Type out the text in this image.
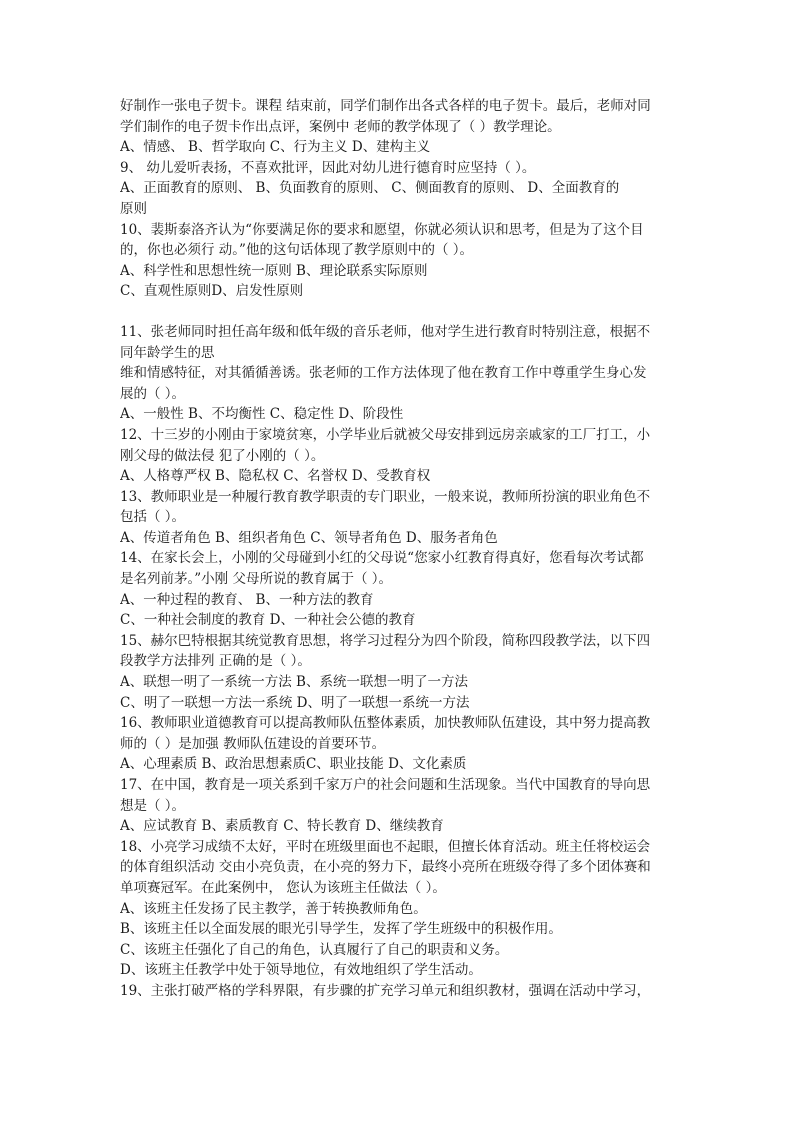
好制作一张电子贺卡。课程 结束前，同学们制作出各式各样的电子贺卡。最后，老师对同
学们制作的电子贺卡作出点评，案例中 老师的教学体现了（ ）教学理论。
A、情感、 B、哲学取向 C、行为主义 D、建构主义
9、 幼儿爱听表扬，不喜欢批评，因此对幼儿进行德育时应坚持（ ）。
A、正面教育的原则、 B、负面教育的原则、 C、侧面教育的原则、 D、全面教育的
原则
10、裴斯泰洛齐认为“你要满足你的要求和愿望，你就必须认识和思考，但是为了这个目
的，你也必须行 动。”他的这句话体现了教学原则中的（ ）。
A、科学性和思想性统一原则 B、理论联系实际原则
C、直观性原则D、启发性原则
11、张老师同时担任高年级和低年级的音乐老师，他对学生进行教育时特别注意，根据不
同年龄学生的思
维和情感特征，对其循循善诱。张老师的工作方法体现了他在教育工作中尊重学生身心发
展的（ ）。
A、一般性 B、不均衡性 C、稳定性 D、阶段性
12、十三岁的小刚由于家境贫寒，小学毕业后就被父母安排到远房亲戚家的工厂打工，小
刚父母的做法侵 犯了小刚的（ ）。
A、人格尊严权 B、隐私权 C、名誉权 D、受教育权
13、教师职业是一种履行教育教学职责的专门职业，一般来说，教师所扮演的职业角色不
包括（ ）。
A、传道者角色 B、组织者角色 C、领导者角色 D、服务者角色
14、在家长会上，小刚的父母碰到小红的父母说“您家小红教育得真好，您看每次考试都
是名列前茅。”小刚 父母所说的教育属于（ ）。
A、一种过程的教育、 B、一种方法的教育
C、一种社会制度的教育 D、一种社会公德的教育
15、赫尔巴特根据其统觉教育思想，将学习过程分为四个阶段，简称四段教学法，以下四
段教学方法排列 正确的是（ ）。
A、联想一明了一系统一方法 B、系统一联想一明了一方法
C、明了一联想一方法一系统 D、明了一联想一系统一方法
16、教师职业道德教育可以提高教师队伍整体素质，加快教师队伍建设，其中努力提高教
师的（ ）是加强 教师队伍建设的首要环节。
A、心理素质 B、政治思想素质C、职业技能 D、文化素质
17、在中国，教育是一项关系到千家万户的社会问题和生活现象。当代中国教育的导向思
想是（ ）。
A、应试教育 B、素质教育 C、特长教育 D、继续教育
18、小亮学习成绩不太好，平时在班级里面也不起眼，但擅长体育活动。班主任将校运会
的体育组织活动 交由小亮负责，在小亮的努力下，最终小亮所在班级夺得了多个团体赛和
单项赛冠军。在此案例中， 您认为该班主任做法（ ）。
A、该班主任发扬了民主教学，善于转换教师角色。
B、该班主任以全面发展的眼光引导学生，发挥了学生班级中的积极作用。
C、该班主任强化了自己的角色，认真履行了自己的职责和义务。
D、该班主任教学中处于领导地位，有效地组织了学生活动。
19、主张打破严格的学科界限，有步骤的扩充学习单元和组织教材，强调在活动中学习，
